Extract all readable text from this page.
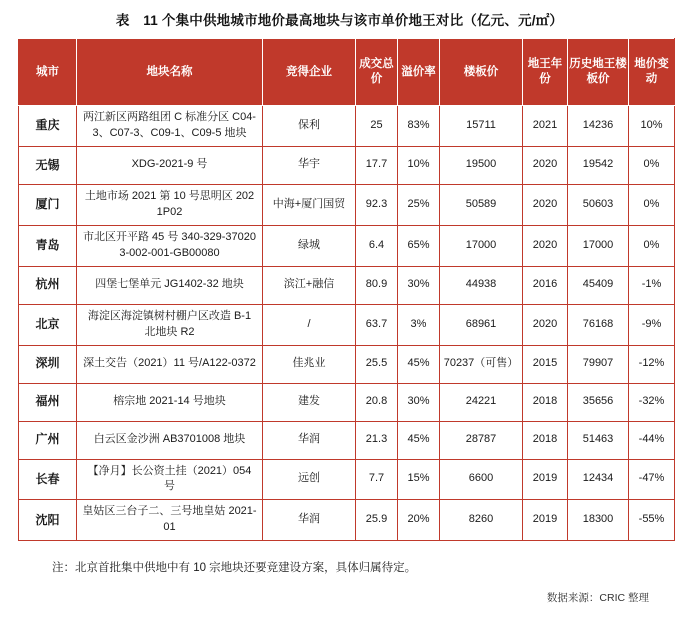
表　11 个集中供地城市地价最高地块与该市单价地王对比（亿元、元/㎡）
城市	地块名称	竞得企业	成交总价	溢价率	楼板价	地王年份	历史地王楼板价	地价变动
重庆	两江新区两路组团 C 标准分区 C04-3、C07-3、C09-1、C09-5 地块	保利	25	83%	15711	2021	14236	10%
无锡	XDG-2021-9 号	华宇	17.7	10%	19500	2020	19542	0%
厦门	土地市场 2021 第 10 号思明区 2021P02	中海+厦门国贸	92.3	25%	50589	2020	50603	0%
青岛	市北区开平路 45 号 340-329-370203-002-001-GB00080	绿城	6.4	65%	17000	2020	17000	0%
杭州	四堡七堡单元 JG1402-32 地块	滨江+融信	80.9	30%	44938	2016	45409	-1%
北京	海淀区海淀镇树村棚户区改造 B-1 北地块 R2	/	63.7	3%	68961	2020	76168	-9%
深圳	深土交告（2021）11 号/A122-0372	佳兆业	25.5	45%	70237（可售）	2015	79907	-12%
福州	榕宗地 2021-14 号地块	建发	20.8	30%	24221	2018	35656	-32%
广州	白云区金沙洲 AB3701008 地块	华润	21.3	45%	28787	2018	51463	-44%
长春	【净月】长公资土挂（2021）054 号	远创	7.7	15%	6600	2019	12434	-47%
沈阳	皇姑区三台子二、三号地皇姑 2021-01	华润	25.9	20%	8260	2019	18300	-55%
注：北京首批集中供地中有 10 宗地块还要竞建设方案，具体归属待定。
数据来源：CRIC 整理
